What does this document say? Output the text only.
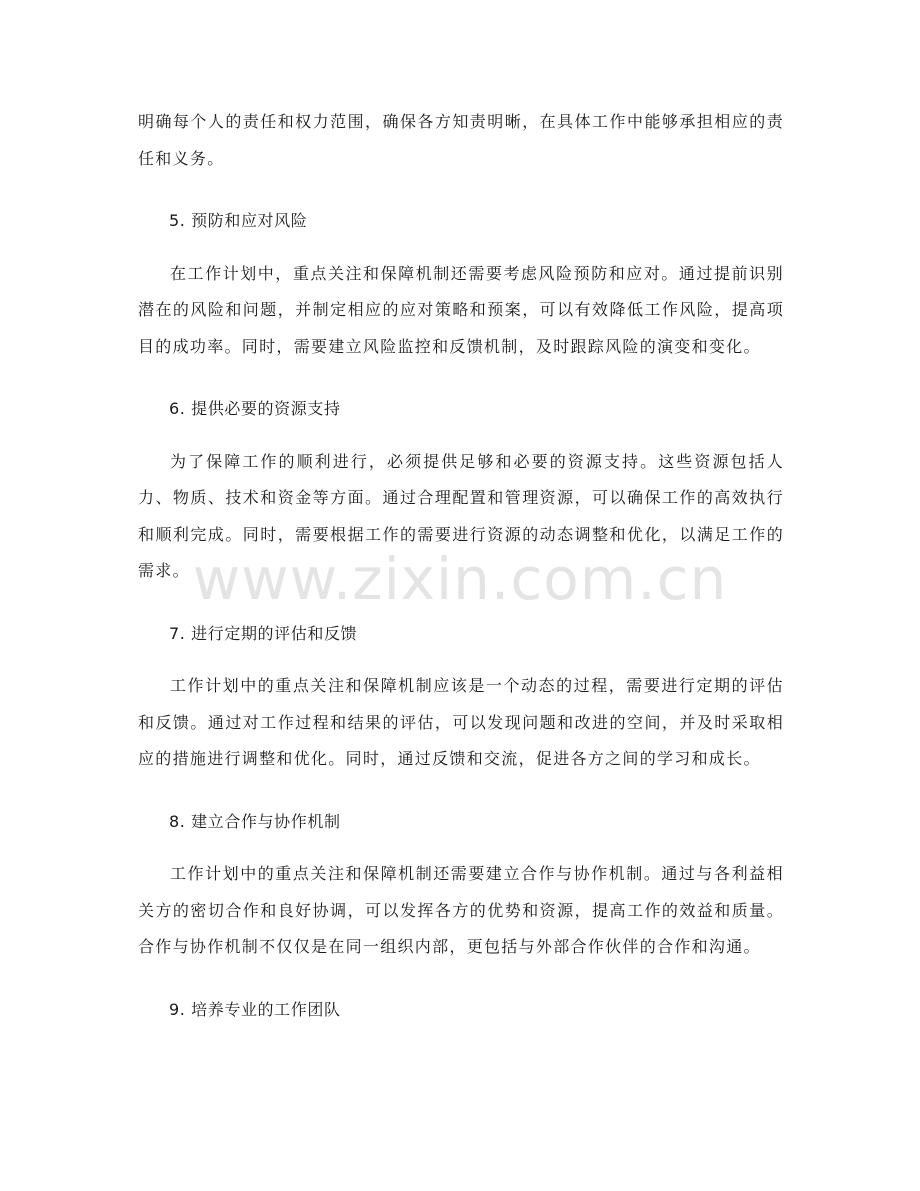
明确每个人的责任和权力范围，确保各方知责明晰，在具体工作中能够承担相应的责任和义务。

5. 预防和应对风险

在工作计划中，重点关注和保障机制还需要考虑风险预防和应对。通过提前识别潜在的风险和问题，并制定相应的应对策略和预案，可以有效降低工作风险，提高项目的成功率。同时，需要建立风险监控和反馈机制，及时跟踪风险的演变和变化。

6. 提供必要的资源支持

为了保障工作的顺利进行，必须提供足够和必要的资源支持。这些资源包括人力、物质、技术和资金等方面。通过合理配置和管理资源，可以确保工作的高效执行和顺利完成。同时，需要根据工作的需要进行资源的动态调整和优化，以满足工作的需求。

7. 进行定期的评估和反馈

工作计划中的重点关注和保障机制应该是一个动态的过程，需要进行定期的评估和反馈。通过对工作过程和结果的评估，可以发现问题和改进的空间，并及时采取相应的措施进行调整和优化。同时，通过反馈和交流，促进各方之间的学习和成长。

8. 建立合作与协作机制

工作计划中的重点关注和保障机制还需要建立合作与协作机制。通过与各利益相关方的密切合作和良好协调，可以发挥各方的优势和资源，提高工作的效益和质量。合作与协作机制不仅仅是在同一组织内部，更包括与外部合作伙伴的合作和沟通。

9. 培养专业的工作团队

www.zixin.com.cn
